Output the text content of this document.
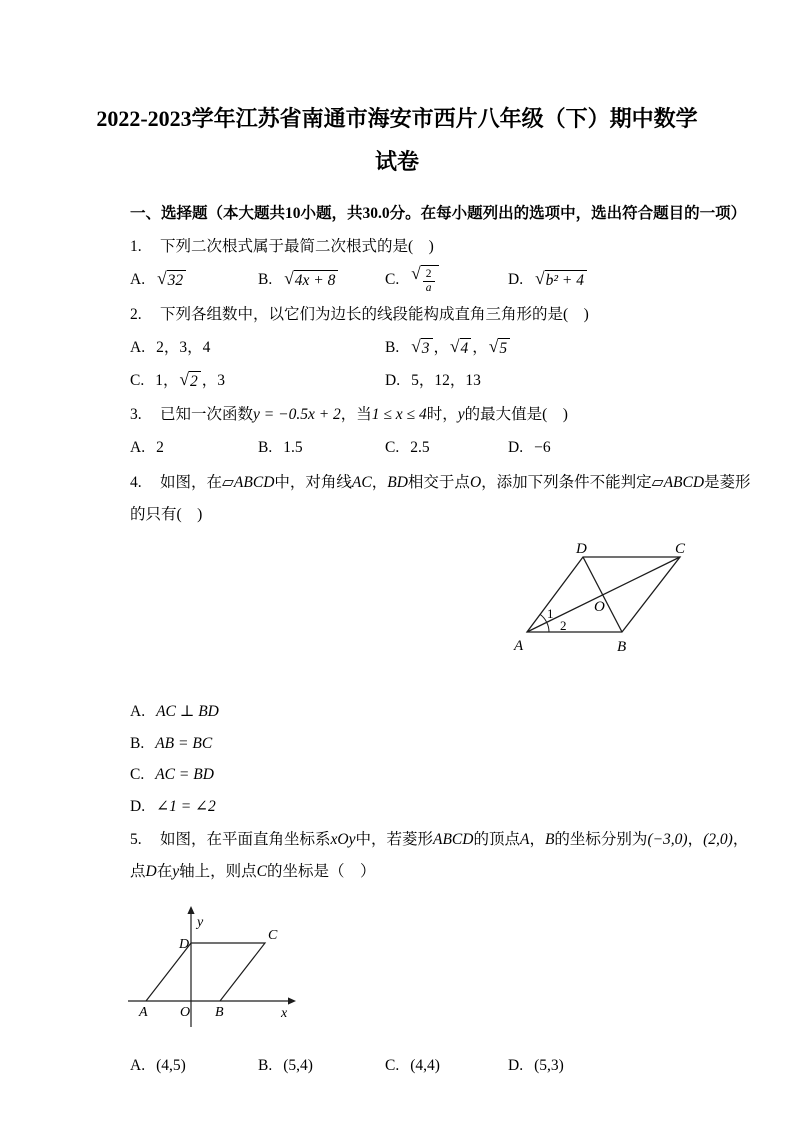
2022-2023学年江苏省南通市海安市西片八年级（下）期中数学
试卷
一、选择题（本大题共10小题，共30.0分。在每小题列出的选项中，选出符合题目的一项）

1. 下列二次根式属于最简二次根式的是(　)

A. √ 32	B. √ 4x + 8	C. √ $\frac{2}{a}$	D. √ b² + 4

2. 下列各组数中，以它们为边长的线段能构成直角三角形的是(　)

A. 2，3，4	B. √ 3 ， √ 4 ， √ 5
C. 1， √ 2 ，3	D. 5，12，13

3. 已知一次函数y = −0.5x + 2，当1 ≤ x ≤ 4时，y的最大值是(　)

A. 2	B. 1.5	C. 2.5	D. −6

4. 如图，在▱ABCD中，对角线AC，BD相交于点O，添加下列条件不能判定▱ABCD是菱形的只有(　)

A	B
C
D
O
1
2
A. AC ⊥ BD
B. AB = BC
C. AC = BD
D. ∠1 = ∠2

5. 如图，在平面直角坐标系xOy中，若菱形ABCD的顶点A，B的坐标分别为(−3,0)，(2,0)，点D在y轴上，则点C的坐标是（　）

A O B
D
C
y
x
A. (4,5)	B. (5,4)	C. (4,4)	D. (5,3)
